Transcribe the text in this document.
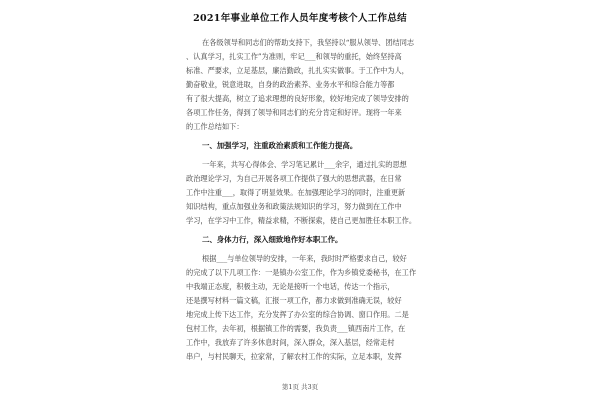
2021年事业单位工作人员年度考核个人工作总结
在各级领导和同志们的帮助支持下，我坚持以“服从领导、团结同志
、认真学习，扎实工作”为准则，牢记___和领导的重托，始终坚持高
标准、严要求，立足基层，廉洁勤政，扎扎实实做事。于工作中为人，
勤奋敬业，锐意进取，自身的政治素养、业务水平和综合能力等都
有了很大提高，树立了追求理想的良好形象，较好地完成了领导安排的
各项工作任务，得到了领导和同志们的充分肯定和好评。现将一年来
的工作总结如下：
一、加强学习，注重政治素质和工作能力提高。
一年来，共写心得体会、学习笔记累计___余字，通过扎实的思想
政治理论学习，为自己开展各项工作提供了强大的思想武器，在日常
工作中注重___，取得了明显效果。在加强理论学习的同时，注重更新
知识结构，重点加强业务和政策法规知识的学习，努力做到在工作中
学习，在学习中工作，精益求精，不断探索，使自己更加胜任本职工作。
二、身体力行，深入细致地作好本职工作。
根据___与单位领导的安排，一年来，我时时严格要求自己，较好
的完成了以下几项工作：一是镇办公室工作，作为乡镇党委秘书，在工作
中我端正态度，积极主动，无论是接听一个电话，传达一个指示，
还是撰写材料一篇文稿，汇报一项工作，都力求做到准确无误，较好
地完成上传下达工作，充分发挥了办公室的综合协调、窗口作用。二是
包村工作，去年初，根据镇工作的需要，我负责___镇西南片工作，在
工作中，我放弃了许多休息时间，深入群众，深入基层，经常走村
串户，与村民聊天，拉家常，了解农村工作的实际，立足本职，发挥
第1页 共3页
